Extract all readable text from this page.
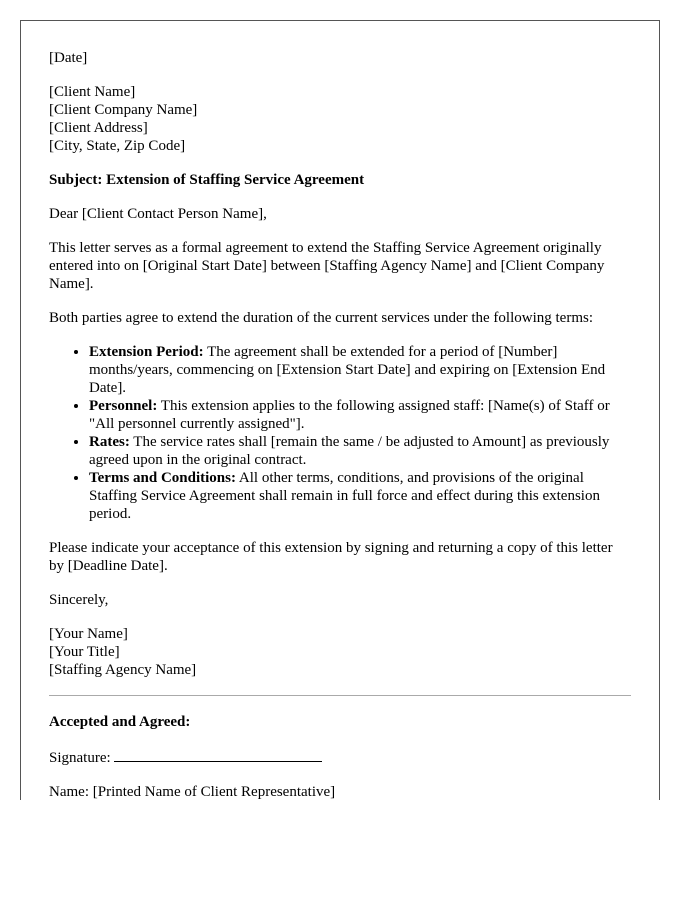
[Date]
[Client Name]
[Client Company Name]
[Client Address]
[City, State, Zip Code]
Subject: Extension of Staffing Service Agreement

Dear [Client Contact Person Name],

This letter serves as a formal agreement to extend the Staffing Service Agreement originally entered into on [Original Start Date] between [Staffing Agency Name] and [Client Company Name].

Both parties agree to extend the duration of the current services under the following terms:

• Extension Period: The agreement shall be extended for a period of [Number] months/years, commencing on [Extension Start Date] and expiring on [Extension End Date].
• Personnel: This extension applies to the following assigned staff: [Name(s) of Staff or "All personnel currently assigned"].
• Rates: The service rates shall [remain the same / be adjusted to Amount] as previously agreed upon in the original contract.
• Terms and Conditions: All other terms, conditions, and provisions of the original Staffing Service Agreement shall remain in full force and effect during this extension period.

Please indicate your acceptance of this extension by signing and returning a copy of this letter by [Deadline Date].

Sincerely,

[Your Name]
[Your Title]
[Staffing Agency Name]
Accepted and Agreed:

Signature:

Name: [Printed Name of Client Representative]
